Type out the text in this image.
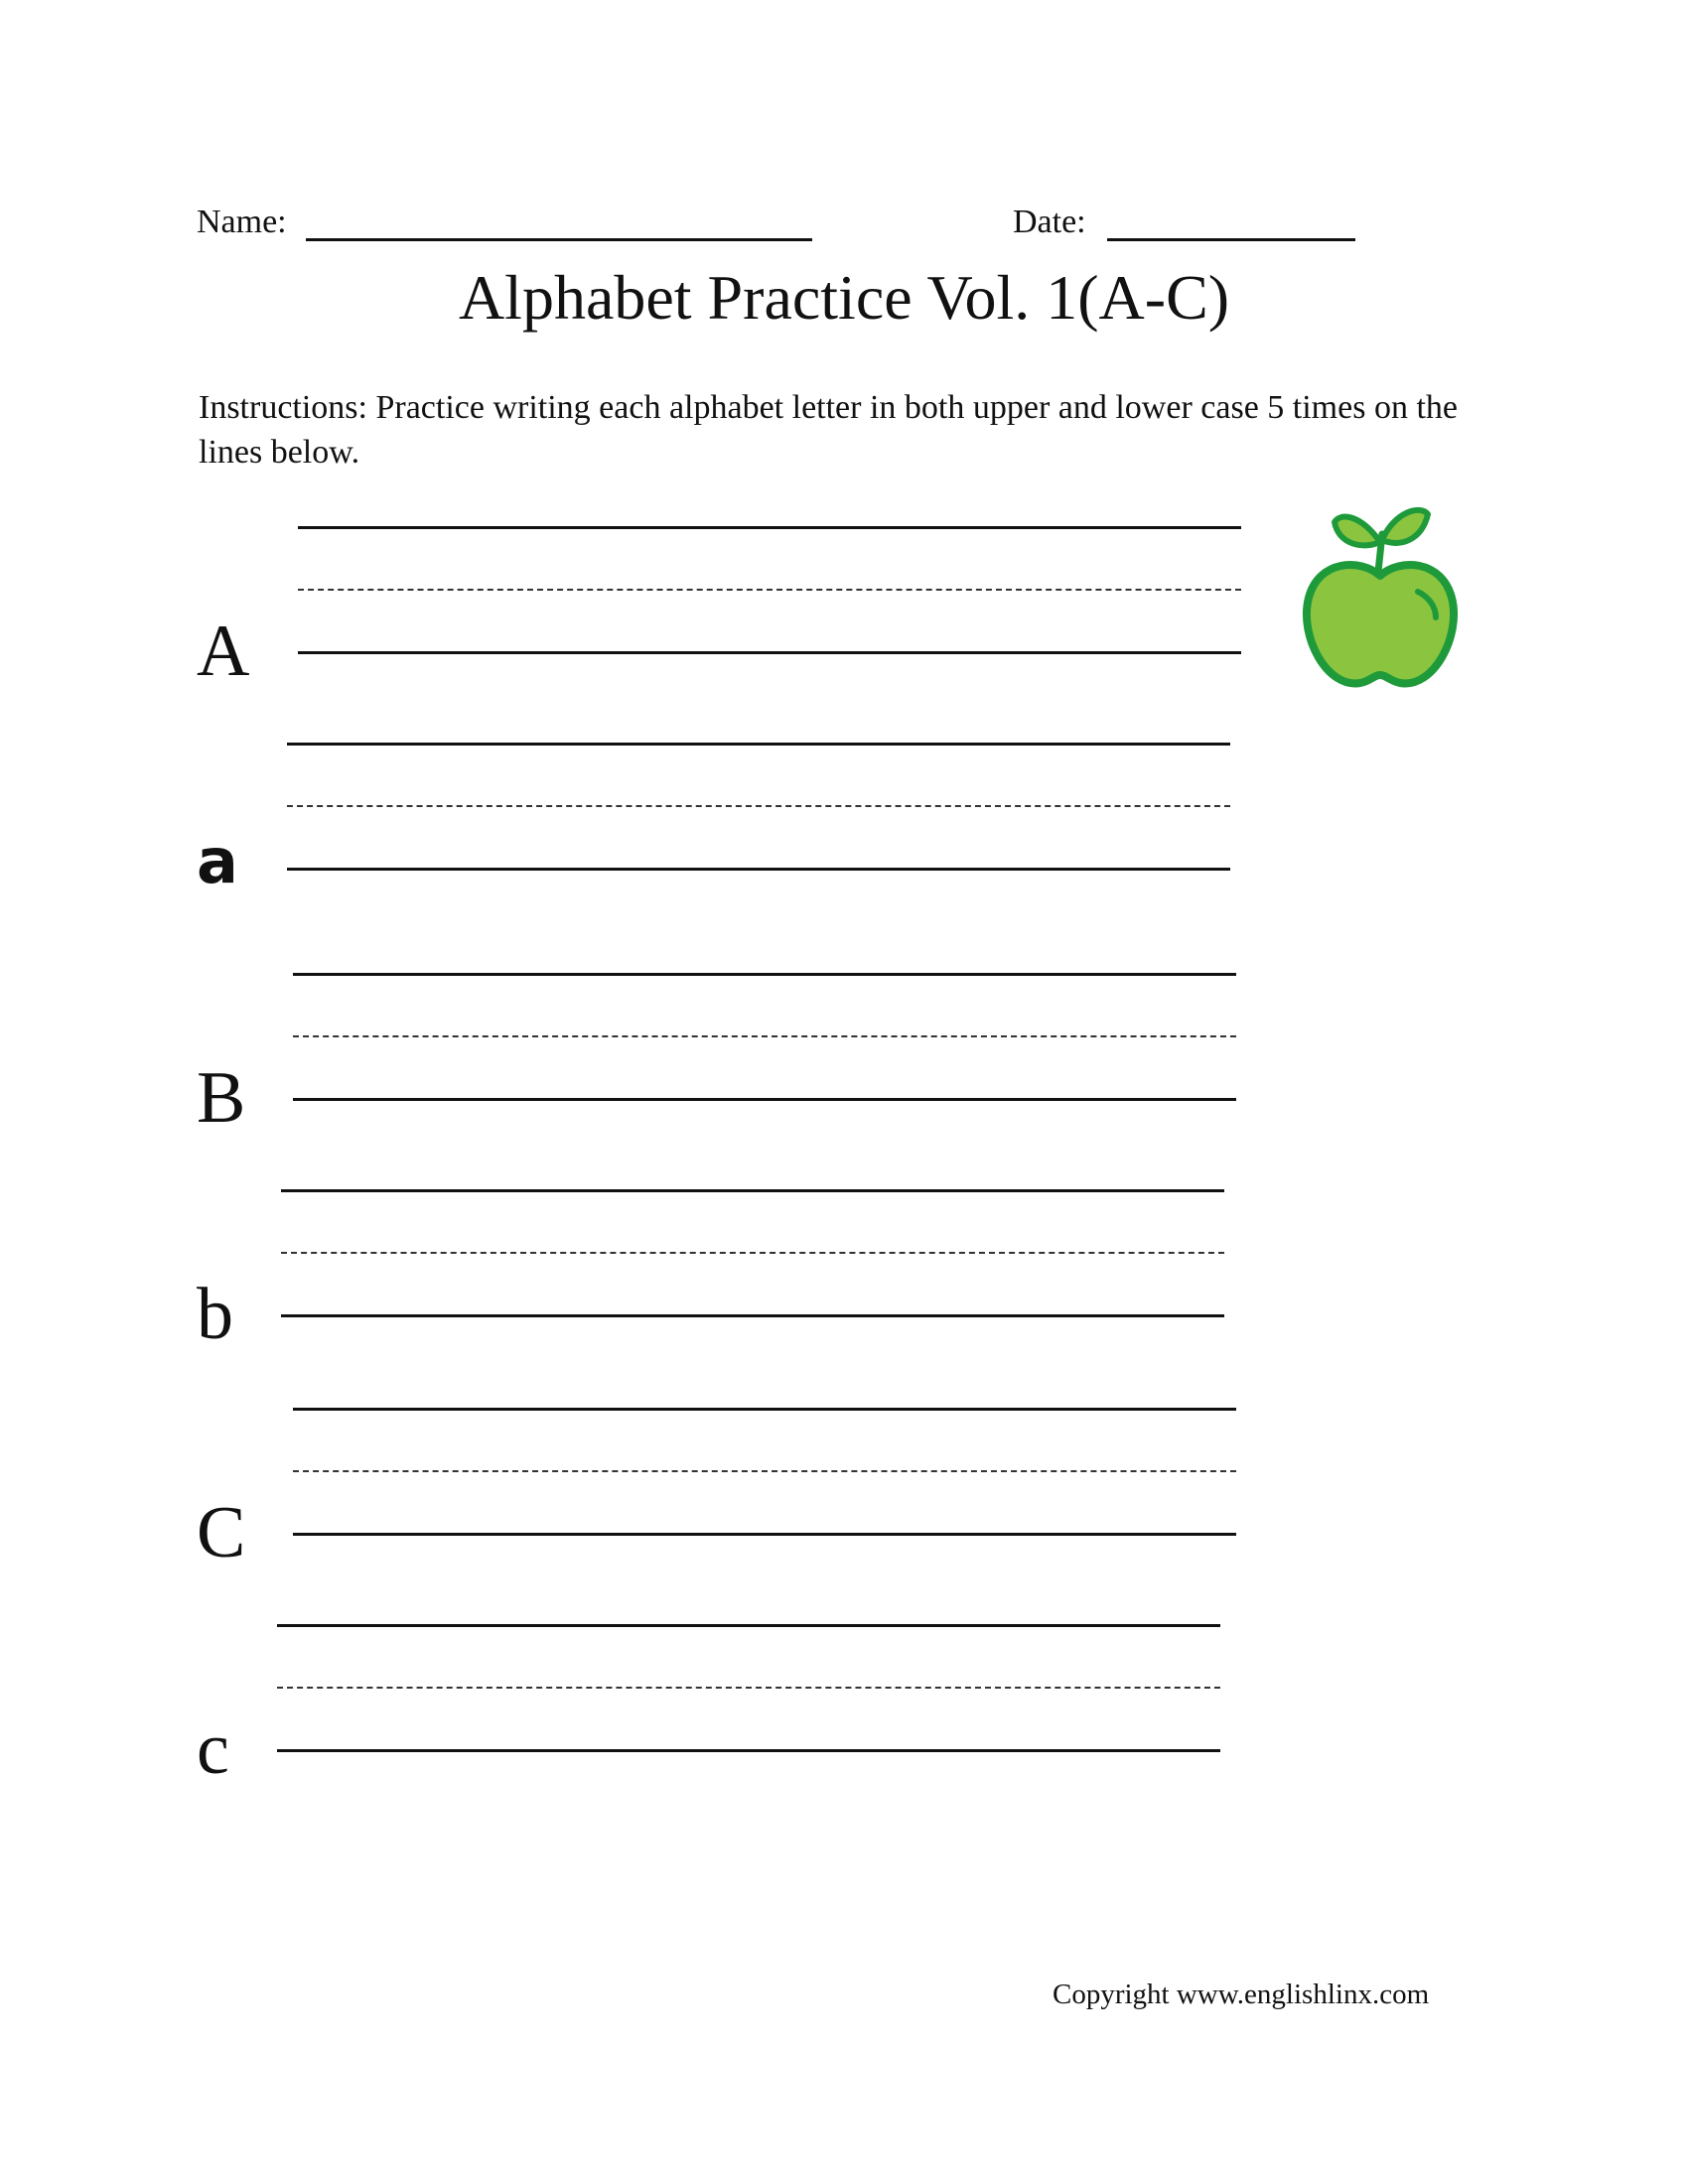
Name:	Date:
Alphabet Practice Vol. 1(A-C)
Instructions: Practice writing each alphabet letter in both upper and lower case 5 times on the lines below.
A
a
B
b
C
c
Copyright www.englishlinx.com
